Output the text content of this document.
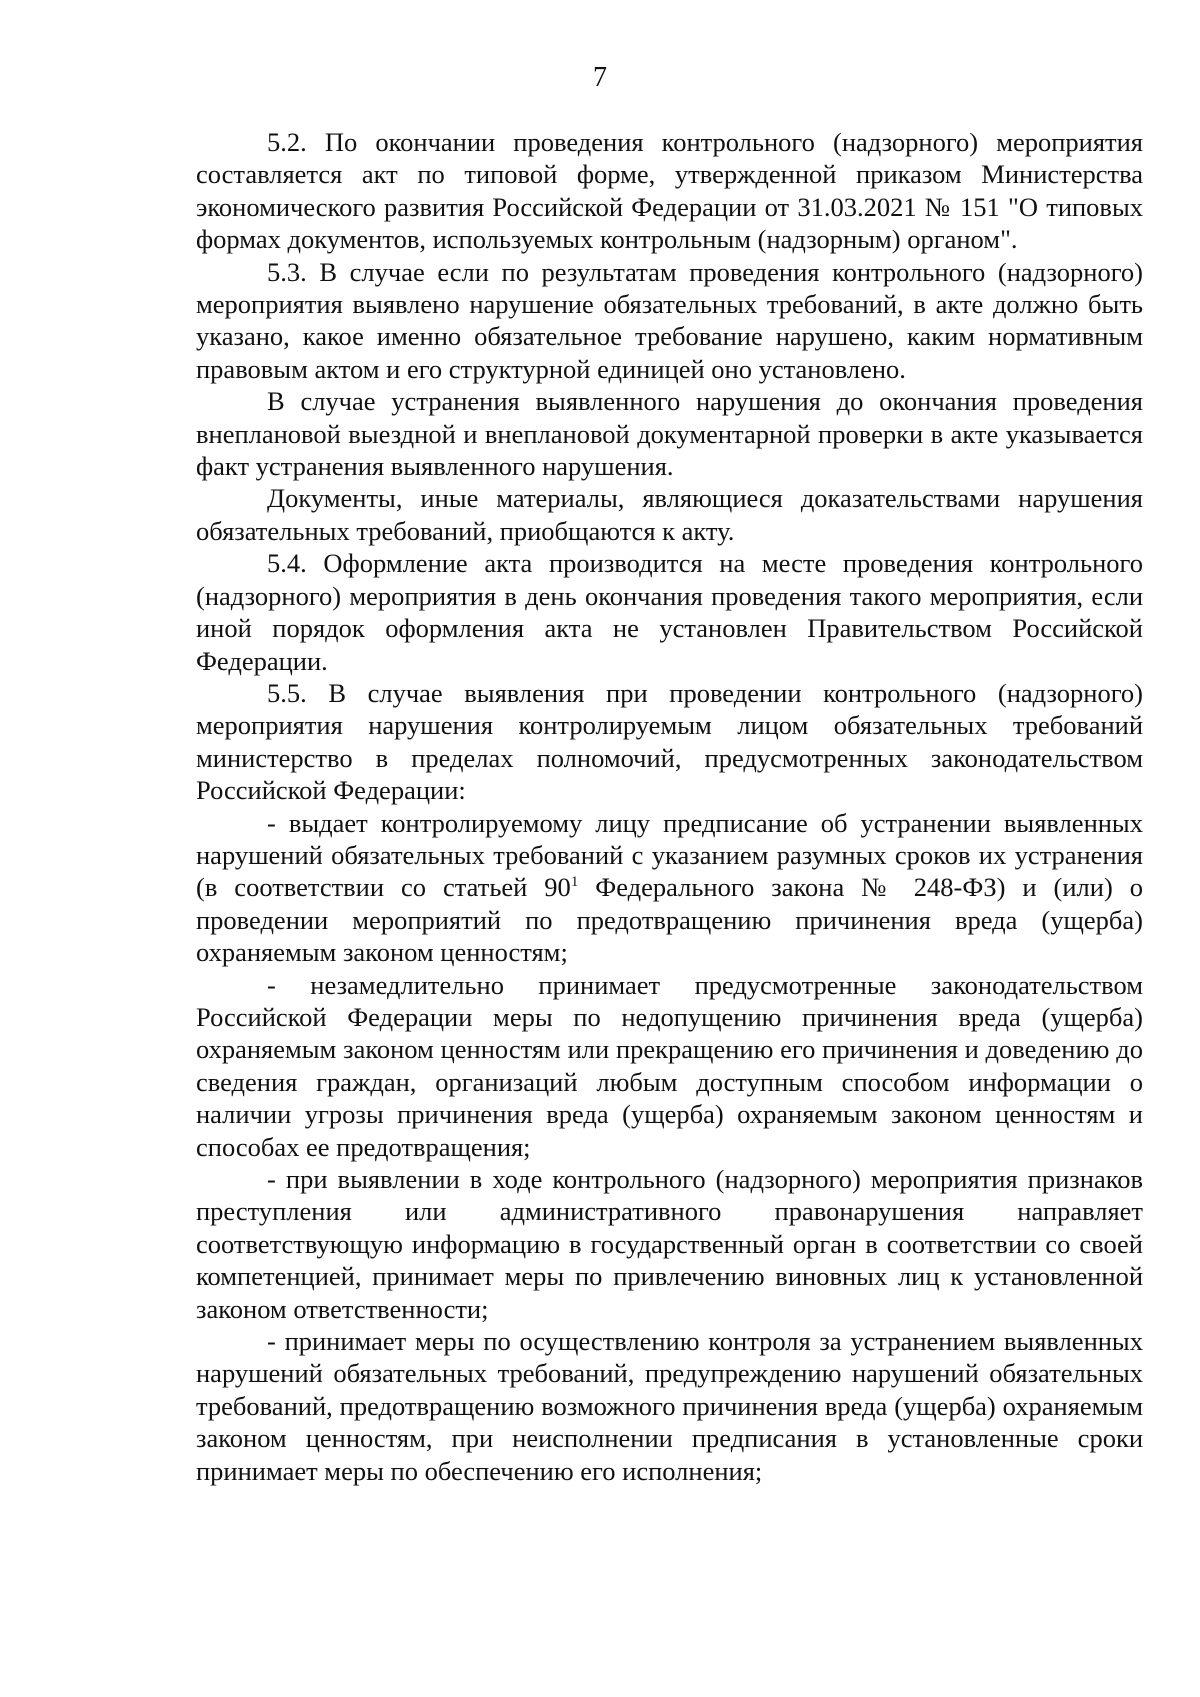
7

5.2. По окончании проведения контрольного (надзорного) мероприятия составляется акт по типовой форме, утвержденной приказом Министерства экономического развития Российской Федерации от 31.03.2021 № 151 "О типовых формах документов, используемых контрольным (надзорным) органом".

5.3. В случае если по результатам проведения контрольного (надзорного) мероприятия выявлено нарушение обязательных требований, в акте должно быть указано, какое именно обязательное требование нарушено, каким нормативным правовым актом и его структурной единицей оно установлено.

В случае устранения выявленного нарушения до окончания проведения внеплановой выездной и внеплановой документарной проверки в акте указывается факт устранения выявленного нарушения.

Документы, иные материалы, являющиеся доказательствами нарушения обязательных требований, приобщаются к акту.

5.4. Оформление акта производится на месте проведения контрольного (надзорного) мероприятия в день окончания проведения такого мероприятия, если иной порядок оформления акта не установлен Правительством Российской Федерации.

5.5. В случае выявления при проведении контрольного (надзорного) мероприятия нарушения контролируемым лицом обязательных требований министерство в пределах полномочий, предусмотренных законодательством Российской Федерации:

- выдает контролируемому лицу предписание об устранении выявленных нарушений обязательных требований с указанием разумных сроков их устранения (в соответствии со статьей $90^1$ Федерального закона № 248-ФЗ) и (или) о проведении мероприятий по предотвращению причинения вреда (ущерба) охраняемым законом ценностям;

- незамедлительно принимает предусмотренные законодательством Российской Федерации меры по недопущению причинения вреда (ущерба) охраняемым законом ценностям или прекращению его причинения и доведению до сведения граждан, организаций любым доступным способом информации о наличии угрозы причинения вреда (ущерба) охраняемым законом ценностям и способах ее предотвращения;

- при выявлении в ходе контрольного (надзорного) мероприятия признаков преступления или административного правонарушения направляет соответствующую информацию в государственный орган в соответствии со своей компетенцией, принимает меры по привлечению виновных лиц к установленной законом ответственности;

- принимает меры по осуществлению контроля за устранением выявленных нарушений обязательных требований, предупреждению нарушений обязательных требований, предотвращению возможного причинения вреда (ущерба) охраняемым законом ценностям, при неисполнении предписания в установленные сроки принимает меры по обеспечению его исполнения;
